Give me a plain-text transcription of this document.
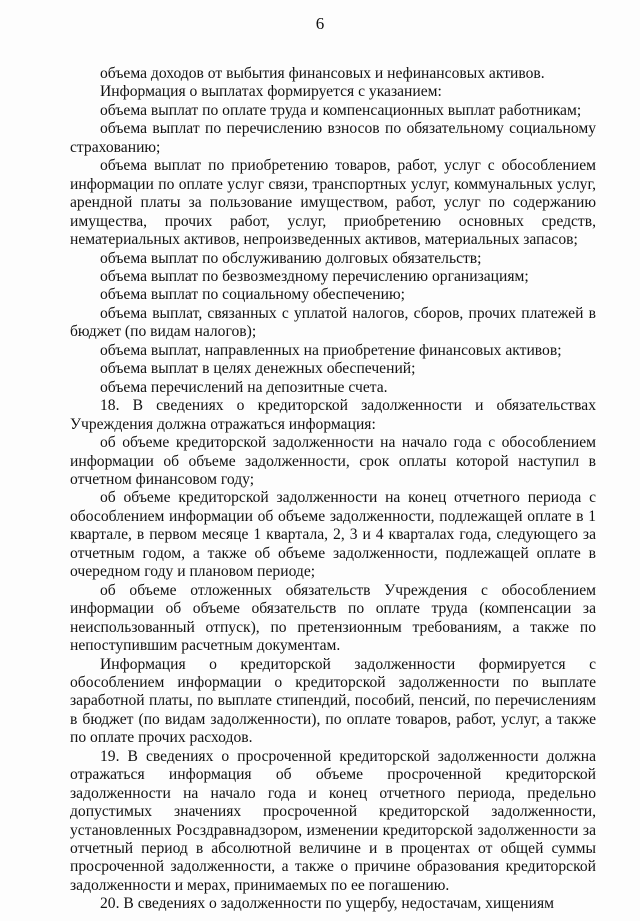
6

объема доходов от выбытия финансовых и нефинансовых активов.

Информация о выплатах формируется с указанием:

объема выплат по оплате труда и компенсационных выплат работникам;

объема выплат по перечислению взносов по обязательному социальному страхованию;

объема выплат по приобретению товаров, работ, услуг с обособлением информации по оплате услуг связи, транспортных услуг, коммунальных услуг, арендной платы за пользование имуществом, работ, услуг по содержанию имущества, прочих работ, услуг, приобретению основных средств, нематериальных активов, непроизведенных активов, материальных запасов;

объема выплат по обслуживанию долговых обязательств;

объема выплат по безвозмездному перечислению организациям;

объема выплат по социальному обеспечению;

объема выплат, связанных с уплатой налогов, сборов, прочих платежей в бюджет (по видам налогов);

объема выплат, направленных на приобретение финансовых активов;

объема выплат в целях денежных обеспечений;

объема перечислений на депозитные счета.

18. В сведениях о кредиторской задолженности и обязательствах Учреждения должна отражаться информация:

об объеме кредиторской задолженности на начало года с обособлением информации об объеме задолженности, срок оплаты которой наступил в отчетном финансовом году;

об объеме кредиторской задолженности на конец отчетного периода с обособлением информации об объеме задолженности, подлежащей оплате в 1 квартале, в первом месяце 1 квартала, 2, 3 и 4 кварталах года, следующего за отчетным годом, а также об объеме задолженности, подлежащей оплате в очередном году и плановом периоде;

об объеме отложенных обязательств Учреждения с обособлением информации об объеме обязательств по оплате труда (компенсации за неиспользованный отпуск), по претензионным требованиям, а также по непоступившим расчетным документам.

Информация о кредиторской задолженности формируется с обособлением информации о кредиторской задолженности по выплате заработной платы, по выплате стипендий, пособий, пенсий, по перечислениям в бюджет (по видам задолженности), по оплате товаров, работ, услуг, а также по оплате прочих расходов.

19. В сведениях о просроченной кредиторской задолженности должна отражаться информация об объеме просроченной кредиторской задолженности на начало года и конец отчетного периода, предельно допустимых значениях просроченной кредиторской задолженности, установленных Росздравнадзором, изменении кредиторской задолженности за отчетный период в абсолютной величине и в процентах от общей суммы просроченной задолженности, а также о причине образования кредиторской задолженности и мерах, принимаемых по ее погашению.

20. В сведениях о задолженности по ущербу, недостачам, хищениям
